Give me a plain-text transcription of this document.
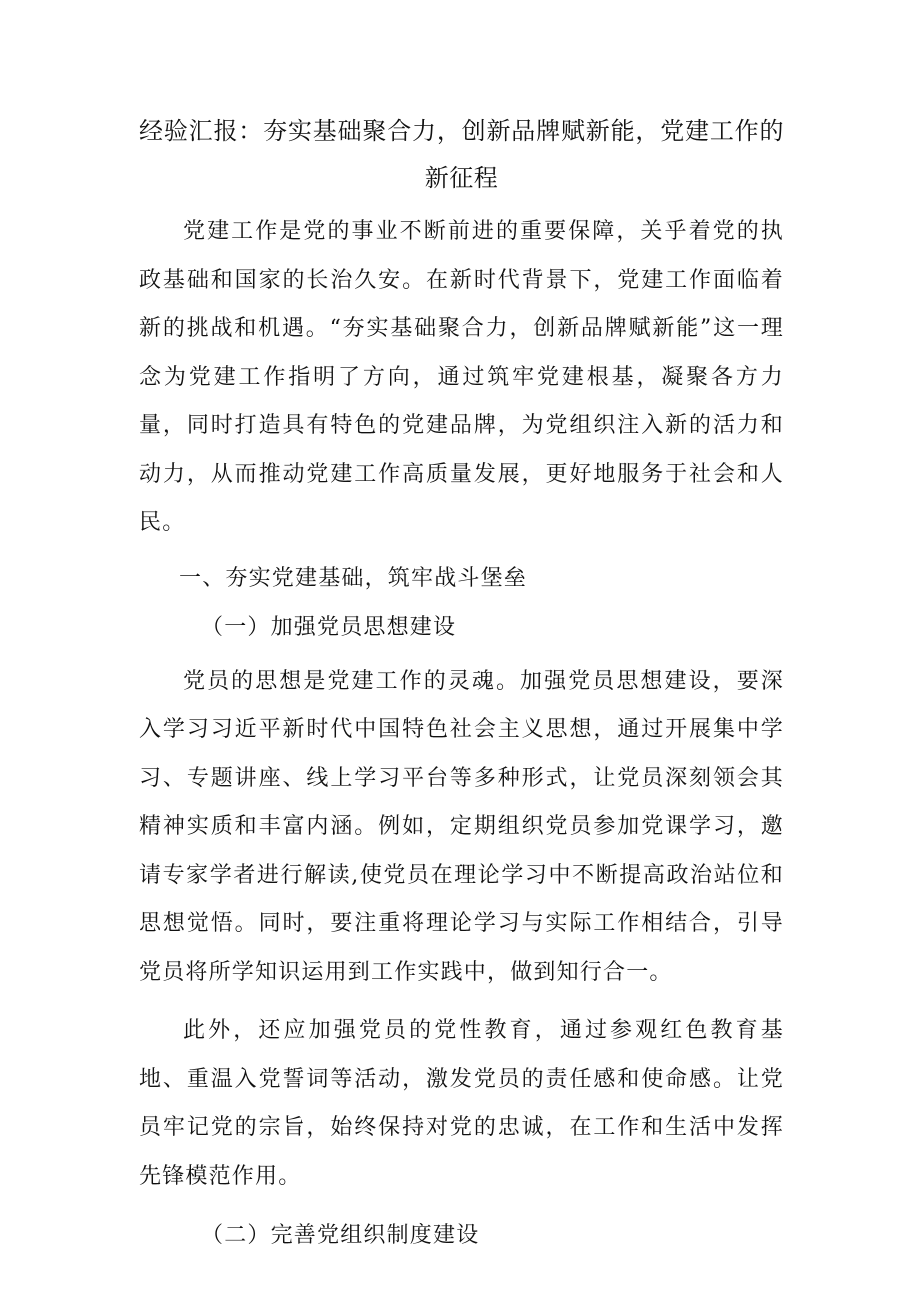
经验汇报：夯实基础聚合力，创新品牌赋新能，党建工作的新征程

党建工作是党的事业不断前进的重要保障，关乎着党的执政基础和国家的长治久安。在新时代背景下，党建工作面临着新的挑战和机遇。“夯实基础聚合力，创新品牌赋新能”这一理念为党建工作指明了方向，通过筑牢党建根基，凝聚各方力量，同时打造具有特色的党建品牌，为党组织注入新的活力和动力，从而推动党建工作高质量发展，更好地服务于社会和人民。

一、夯实党建基础，筑牢战斗堡垒

（一）加强党员思想建设

党员的思想是党建工作的灵魂。加强党员思想建设，要深入学习习近平新时代中国特色社会主义思想，通过开展集中学习、专题讲座、线上学习平台等多种形式，让党员深刻领会其精神实质和丰富内涵。例如，定期组织党员参加党课学习，邀请专家学者进行解读,使党员在理论学习中不断提高政治站位和思想觉悟。同时，要注重将理论学习与实际工作相结合，引导党员将所学知识运用到工作实践中，做到知行合一。

此外，还应加强党员的党性教育，通过参观红色教育基地、重温入党誓词等活动，激发党员的责任感和使命感。让党员牢记党的宗旨，始终保持对党的忠诚，在工作和生活中发挥先锋模范作用。

（二）完善党组织制度建设
